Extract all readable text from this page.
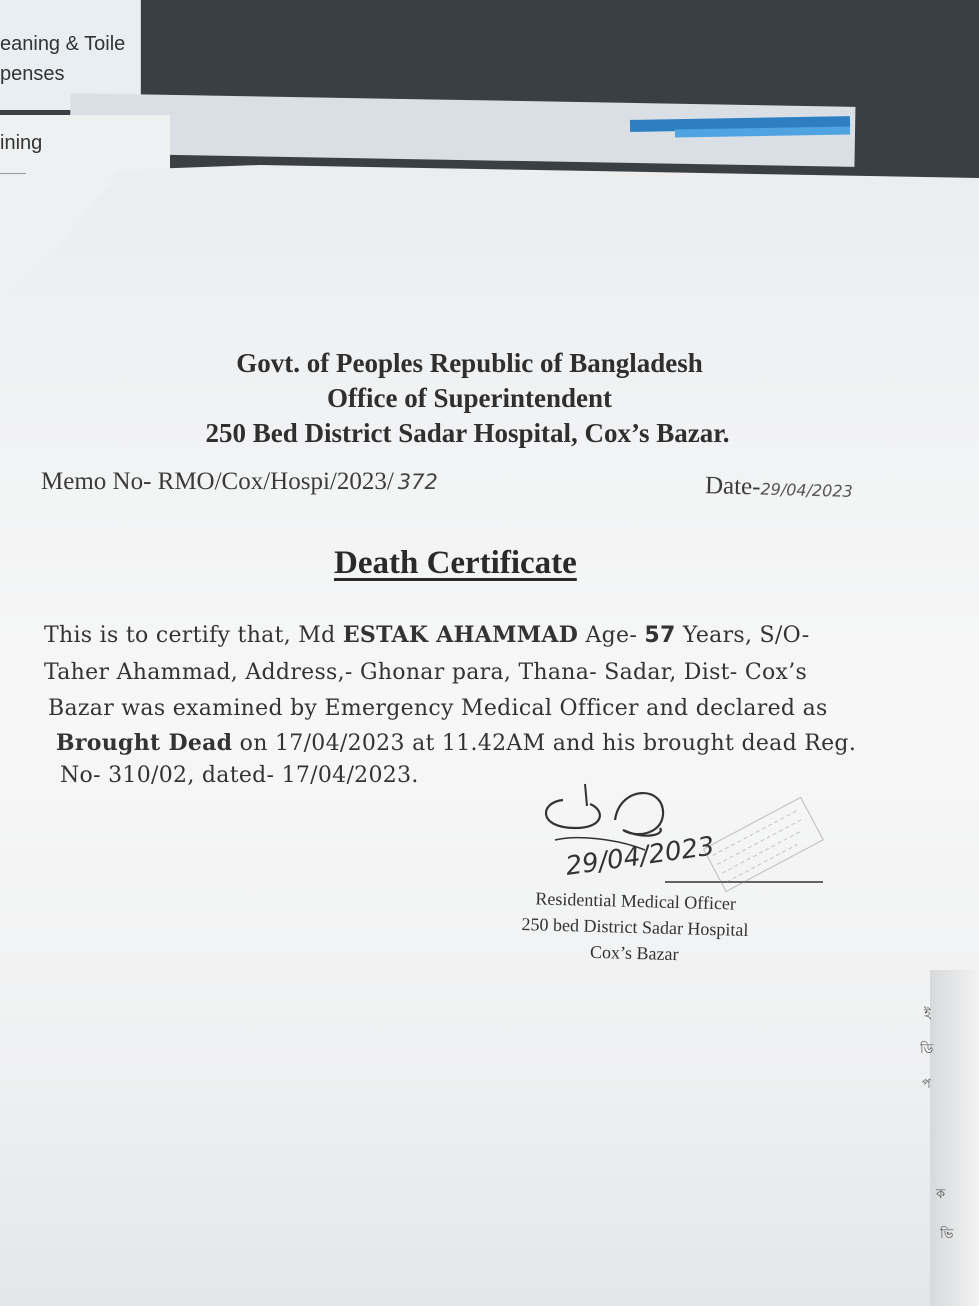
eaning & Toile
penses
ining
Govt. of Peoples Republic of Bangladesh
Office of Superintendent
250 Bed District Sadar Hospital, Cox’s Bazar.
Memo No- RMO/Cox/Hospi/2023/ 372	Date-29/04/2023
Death Certificate
This is to certify that, Md ESTAK AHAMMAD Age- 57 Years, S/O-
Taher Ahammad, Address,- Ghonar para, Thana- Sadar, Dist- Cox’s
Bazar was examined by Emergency Medical Officer and declared as
Brought Dead on 17/04/2023 at 11.42AM and his brought dead Reg.
No- 310/02, dated- 17/04/2023.
29/04/2023
Residential Medical Officer
250 bed District Sadar Hospital
Cox’s Bazar
ই
ডি
প
ক
ভি
